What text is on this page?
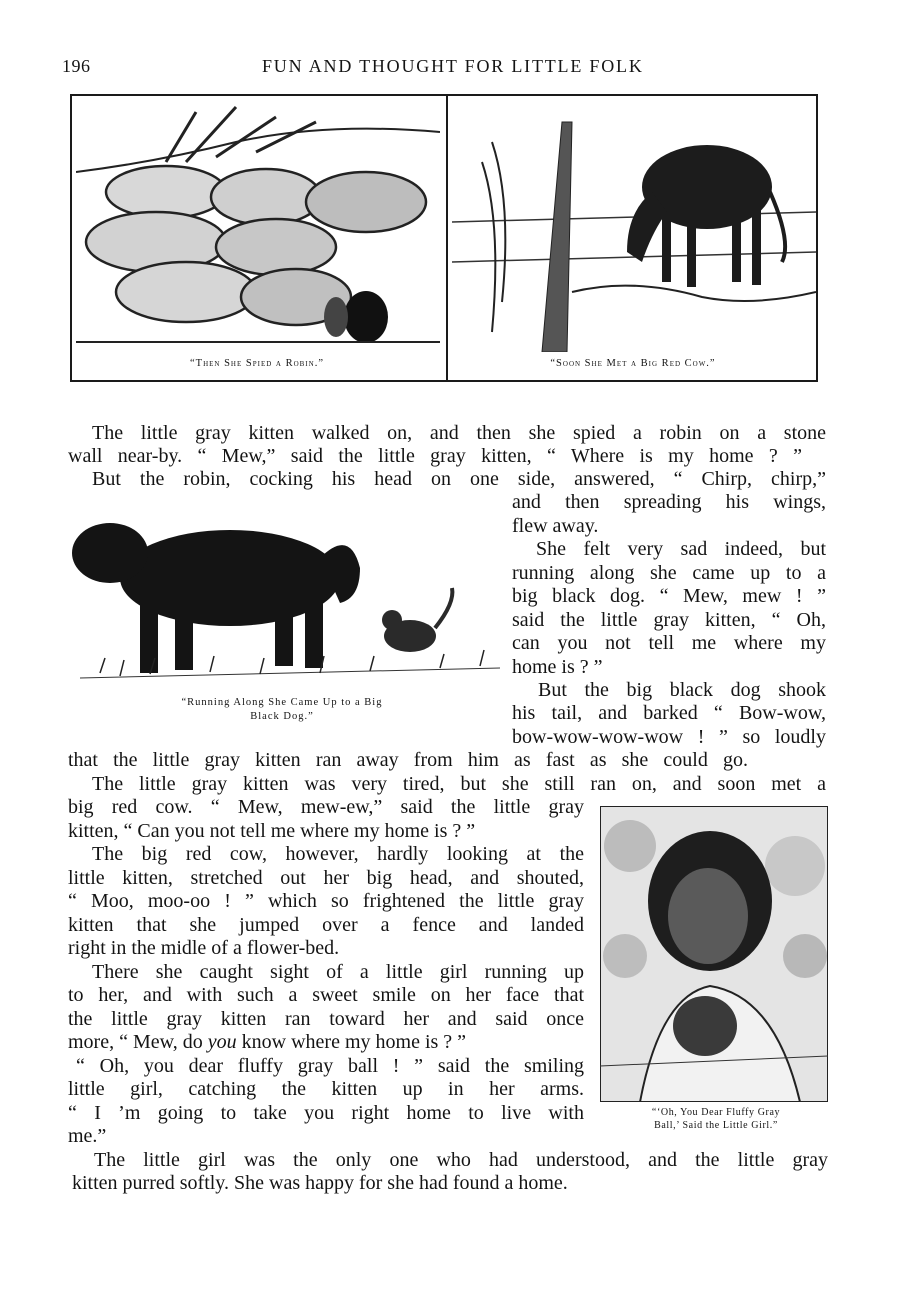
196	FUN AND THOUGHT FOR LITTLE FOLK
“Then She Spied a Robin.”	“Soon She Met a Big Red Cow.”
“Running Along She Came Up to a Big
Black Dog.”
“‘Oh, You Dear Fluffy Gray
Ball,’ Said the Little Girl.”
The little gray kitten walked on, and then she spied a robin on a stone
wall near-by. “ Mew,” said the little gray kitten, “ Where is my home ? ”
But the robin, cocking his head on one side, answered, “ Chirp, chirp,”
and then spreading his wings,
flew away.
She felt very sad indeed, but
running along she came up to a
big black dog. “ Mew, mew ! ”
said the little gray kitten, “ Oh,
can you not tell me where my
home is ? ”
But the big black dog shook
his tail, and barked “ Bow-wow,
bow-wow-wow-wow ! ” so loudly
that the little gray kitten ran away from him as fast as she could go.
The little gray kitten was very tired, but she still ran on, and soon met a
big red cow. “ Mew, mew-ew,” said the little gray
kitten, “ Can you not tell me where my home is ? ”
The big red cow, however, hardly looking at the
little kitten, stretched out her big head, and shouted,
“ Moo, moo-oo ! ” which so frightened the little gray
kitten that she jumped over a fence and landed
right in the midle of a flower-bed.
There she caught sight of a little girl running up
to her, and with such a sweet smile on her face that
the little gray kitten ran toward her and said once
more, “ Mew, do you know where my home is ? ”
“ Oh, you dear fluffy gray ball ! ” said the smiling
little girl, catching the kitten up in her arms.
“ I ’m going to take you right home to live with
me.”
The little girl was the only one who had understood, and the little gray
kitten purred softly. She was happy for she had found a home.
